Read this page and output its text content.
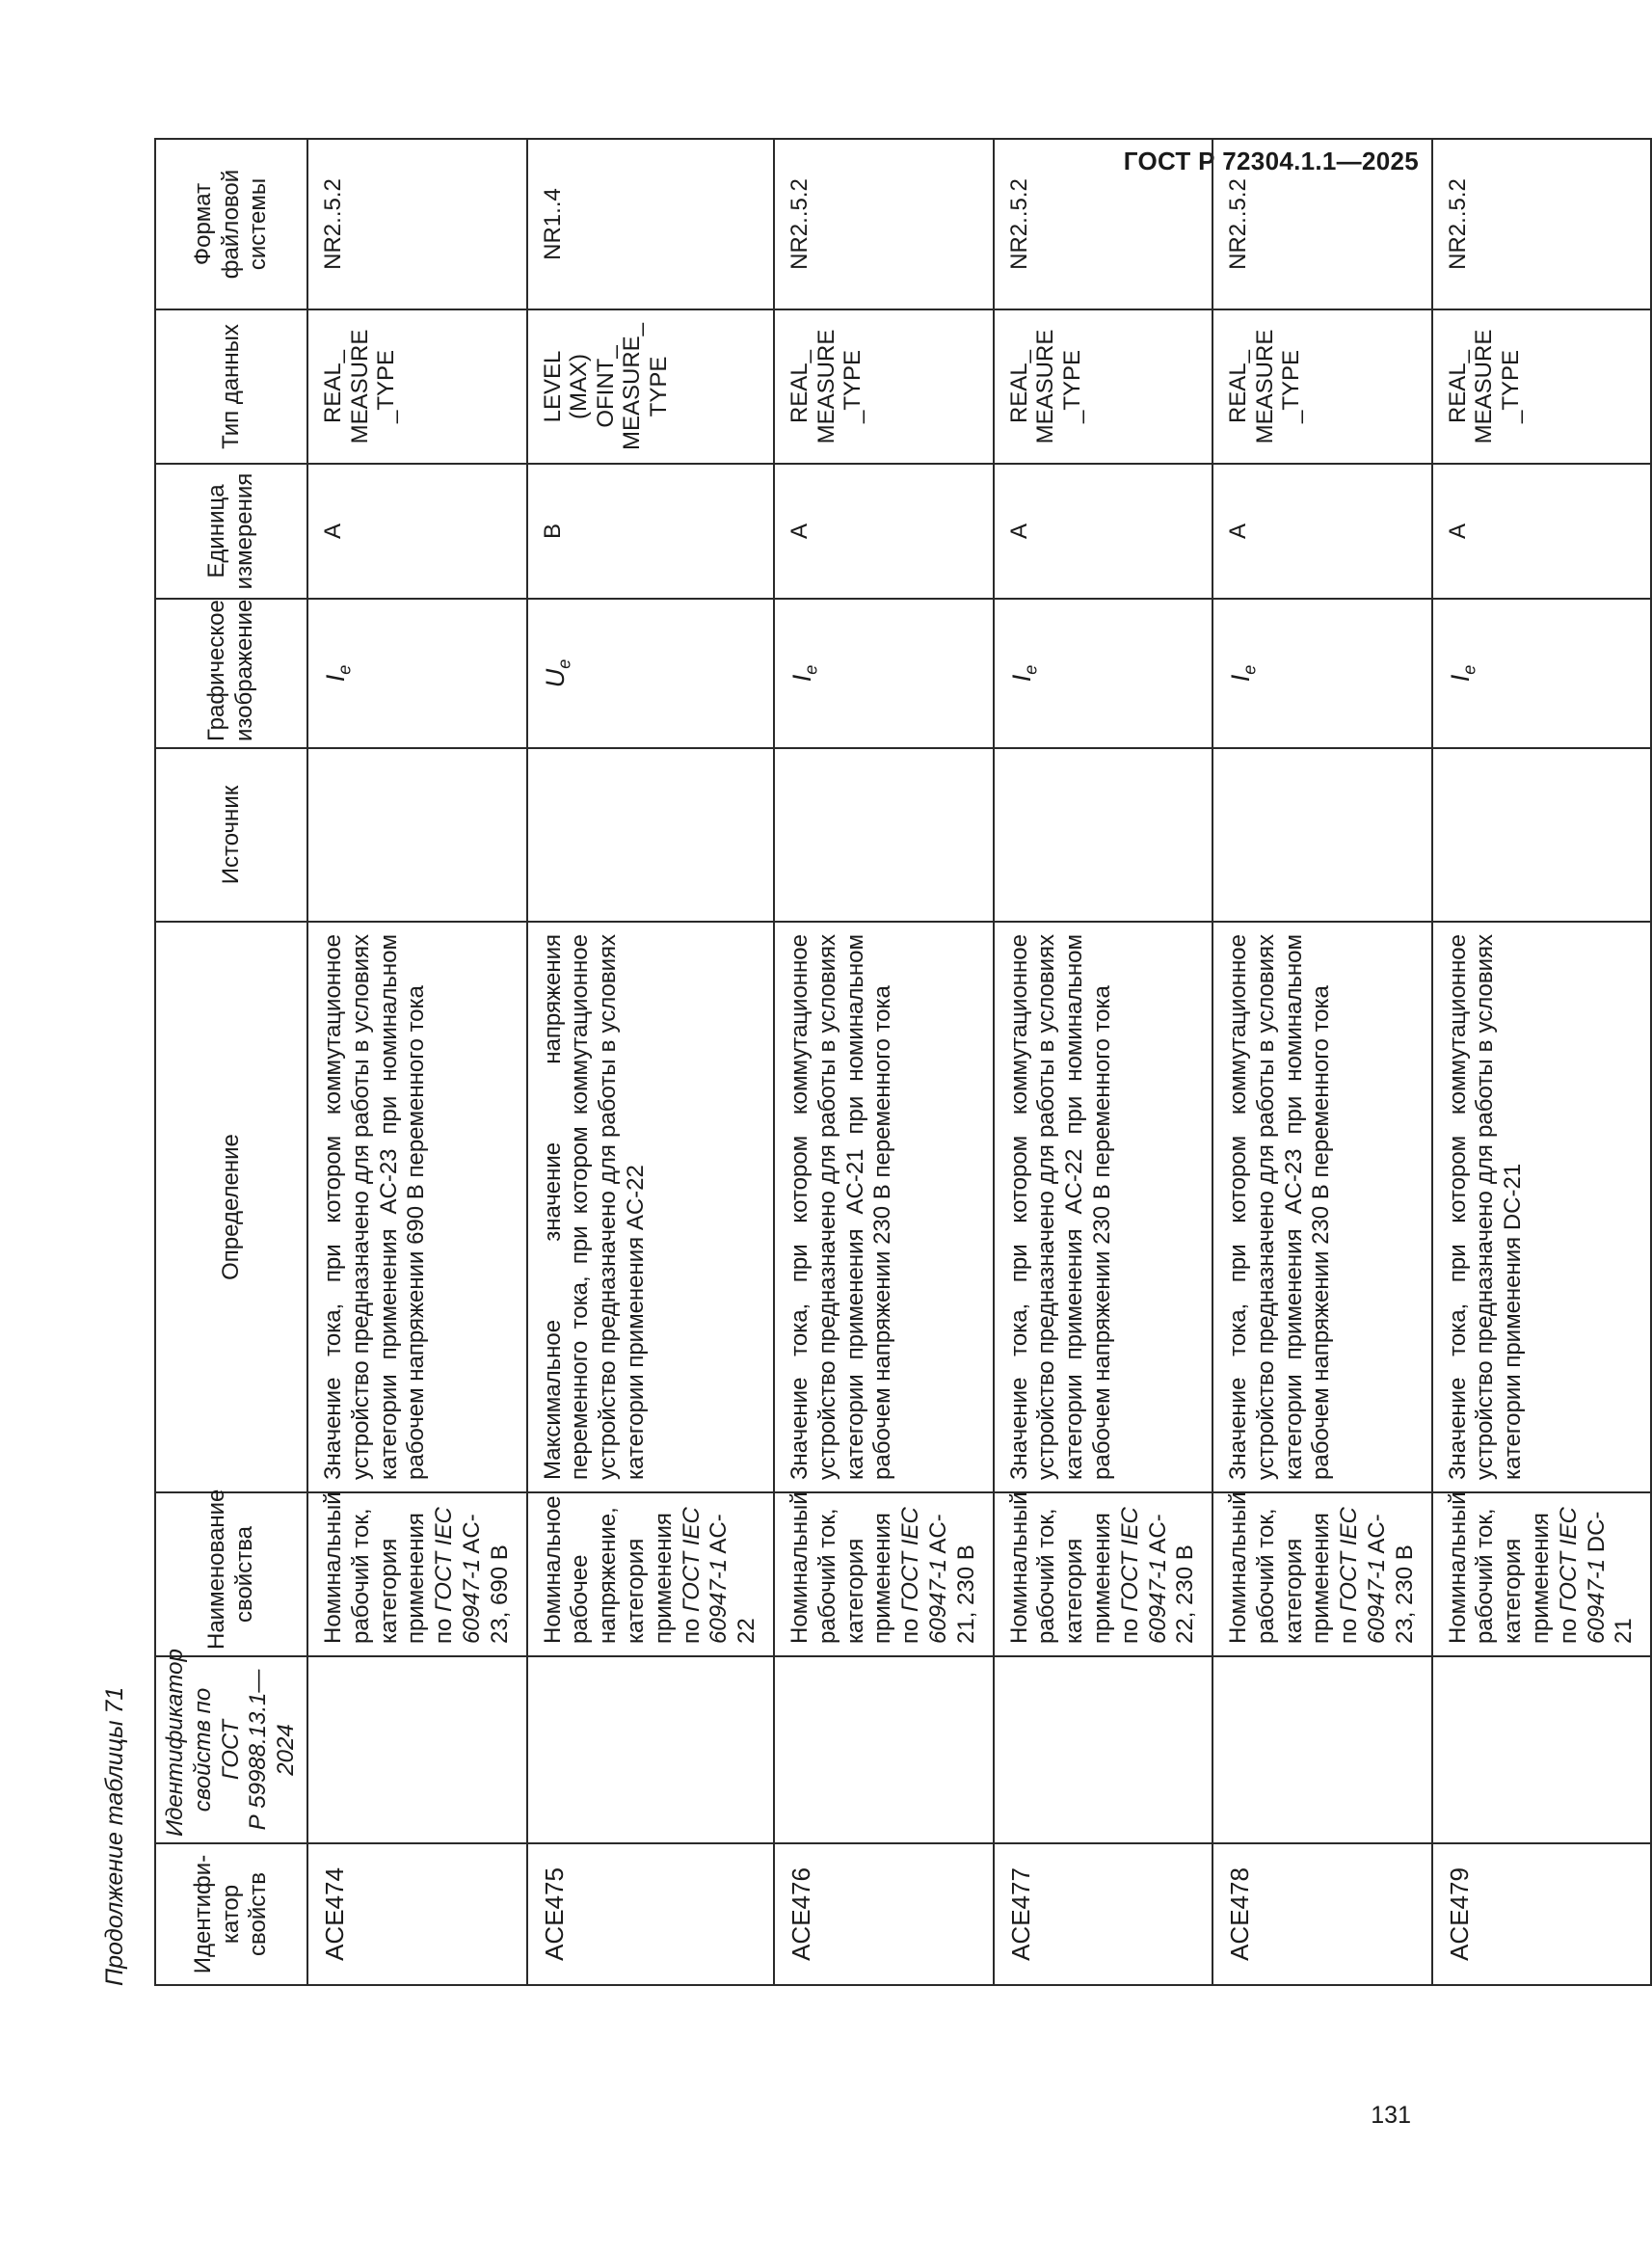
ГОСТ Р 72304.1.1—2025
Продолжение таблицы 71	Идентифи-
катор
свойств	Идентификатор
свойств по ГОСТ
Р 59988.13.1—
2024	Наименование
свойства	Определение	Источник	Графическое
изображение	Единица
измерения	Тип данных	Формат
файловой
системы
ACE474		Номинальный рабочий ток, категория применения по ГОСТ IEC 60947-1 AC-23, 690 В	Значение тока, при котором коммутационное устройство предназначено для работы в условиях категории применения AC-23 при номинальном рабочем напряжении 690 В переменного тока		$I_e$	A	REAL_
MEASURE
_TYPE	NR2..5.2
ACE475		Номинальное рабочее напряжение, категория применения по ГОСТ IEC 60947-1 AC-22	Максимальное значение напряжения переменного тока, при котором коммутационное устройство предназначено для работы в условиях категории применения AC-22		$U_e$	B	LEVEL
(MAX)
OFINT_
MEASURE_
TYPE	NR1..4
ACE476		Номинальный рабочий ток, категория применения по ГОСТ IEC 60947-1 AC-21, 230 В	Значение тока, при котором коммутационное устройство предназначено для работы в условиях категории применения AC-21 при номинальном рабочем напряжении 230 В переменного тока		$I_e$	A	REAL_
MEASURE
_TYPE	NR2..5.2
ACE477		Номинальный рабочий ток, категория применения по ГОСТ IEC 60947-1 AC-22, 230 В	Значение тока, при котором коммутационное устройство предназначено для работы в условиях категории применения AC-22 при номинальном рабочем напряжении 230 В переменного тока		$I_e$	A	REAL_
MEASURE
_TYPE	NR2..5.2
ACE478		Номинальный рабочий ток, категория применения по ГОСТ IEC 60947-1 AC-23, 230 В	Значение тока, при котором коммутационное устройство предназначено для работы в условиях категории применения AC-23 при номинальном рабочем напряжении 230 В переменного тока		$I_e$	A	REAL_
MEASURE
_TYPE	NR2..5.2
ACE479		Номинальный рабочий ток, категория применения по ГОСТ IEC 60947-1 DC-21	Значение тока, при котором коммутационное устройство предназначено для работы в условиях категории применения DC-21		$I_e$	A	REAL_
MEASURE
_TYPE	NR2..5.2
131
